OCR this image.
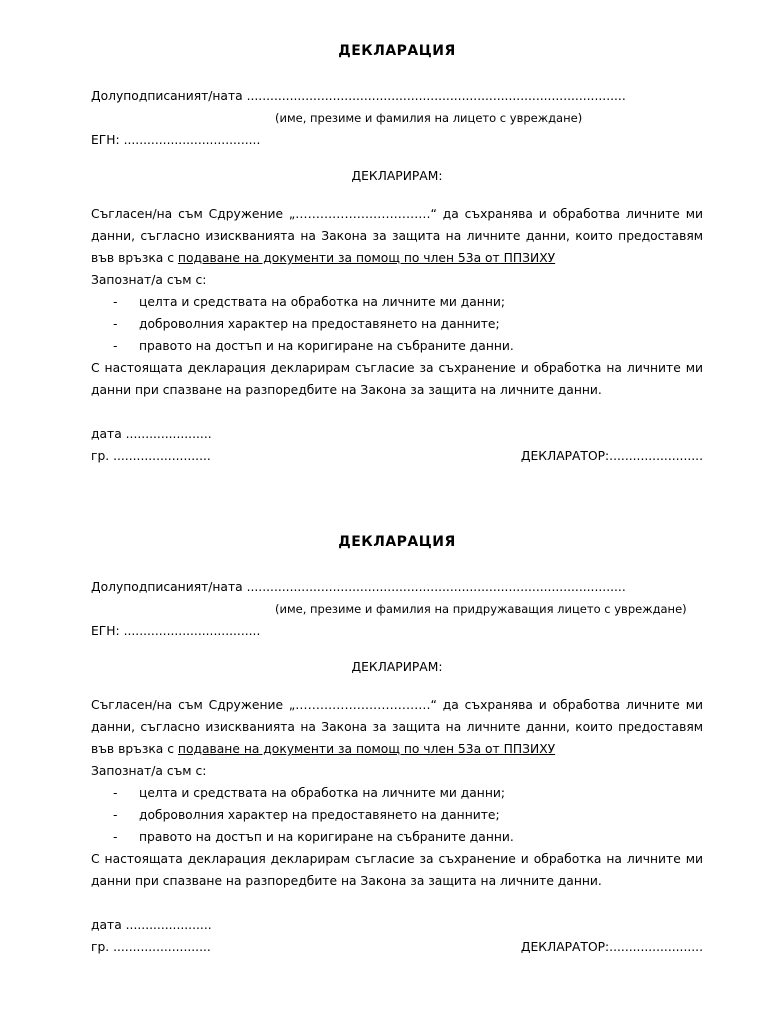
ДЕКЛАРАЦИЯ
Долуподписаният/ната .................................................................................................
(име, презиме и фамилия на лицето с увреждане)
ЕГН: ...................................
ДЕКЛАРИРАМ:
Съгласен/на съм Сдружение „……………………………“ да съхранява и обработва личните ми данни, съгласно изискванията на Закона за защита на личните данни, които предоставям във връзка с подаване на документи за помощ по член 53а от ППЗИХУ
Запознат/а съм с:
- целта и средствата на обработка на личните ми данни;
- доброволния характер на предоставянето на данните;
- правото на достъп и на коригиране на събраните данни.
С настоящата декларация декларирам съгласие за съхранение и обработка на личните ми данни при спазване на разпоредбите на Закона за защита на личните данни.
дата ......................
гр. .........................	ДЕКЛАРАТОР:........................
ДЕКЛАРАЦИЯ
Долуподписаният/ната .................................................................................................
(име, презиме и фамилия на придружаващия лицето с увреждане)
ЕГН: ...................................
ДЕКЛАРИРАМ:
Съгласен/на съм Сдружение „……………………………“ да съхранява и обработва личните ми данни, съгласно изискванията на Закона за защита на личните данни, които предоставям във връзка с подаване на документи за помощ по член 53а от ППЗИХУ
Запознат/а съм с:
- целта и средствата на обработка на личните ми данни;
- доброволния характер на предоставянето на данните;
- правото на достъп и на коригиране на събраните данни.
С настоящата декларация декларирам съгласие за съхранение и обработка на личните ми данни при спазване на разпоредбите на Закона за защита на личните данни.
дата ......................
гр. .........................	ДЕКЛАРАТОР:........................
